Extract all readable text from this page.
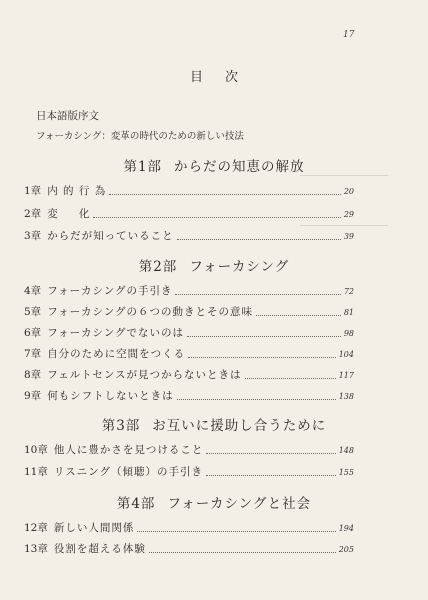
17
目次
日本語版序文
フォーカシング：変革の時代のための新しい技法
第1部 からだの知恵の解放
1章 内 的 行 為	20
2章 変 　 化	29
3章 からだが知っていること	39
第2部 フォーカシング
4章 フォーカシングの手引き	72
5章 フォーカシングの６つの動きとその意味	81
6章 フォーカシングでないのは	98
7章 自分のために空間をつくる	104
8章 フェルトセンスが見つからないときは	117
9章 何もシフトしないときは	138
第3部 お互いに援助し合うために
10章 他人に豊かさを見つけること	148
11章 リスニング（傾聴）の手引き	155
第4部 フォーカシングと社会
12章 新しい人間関係	194
13章 役割を超える体験	205
